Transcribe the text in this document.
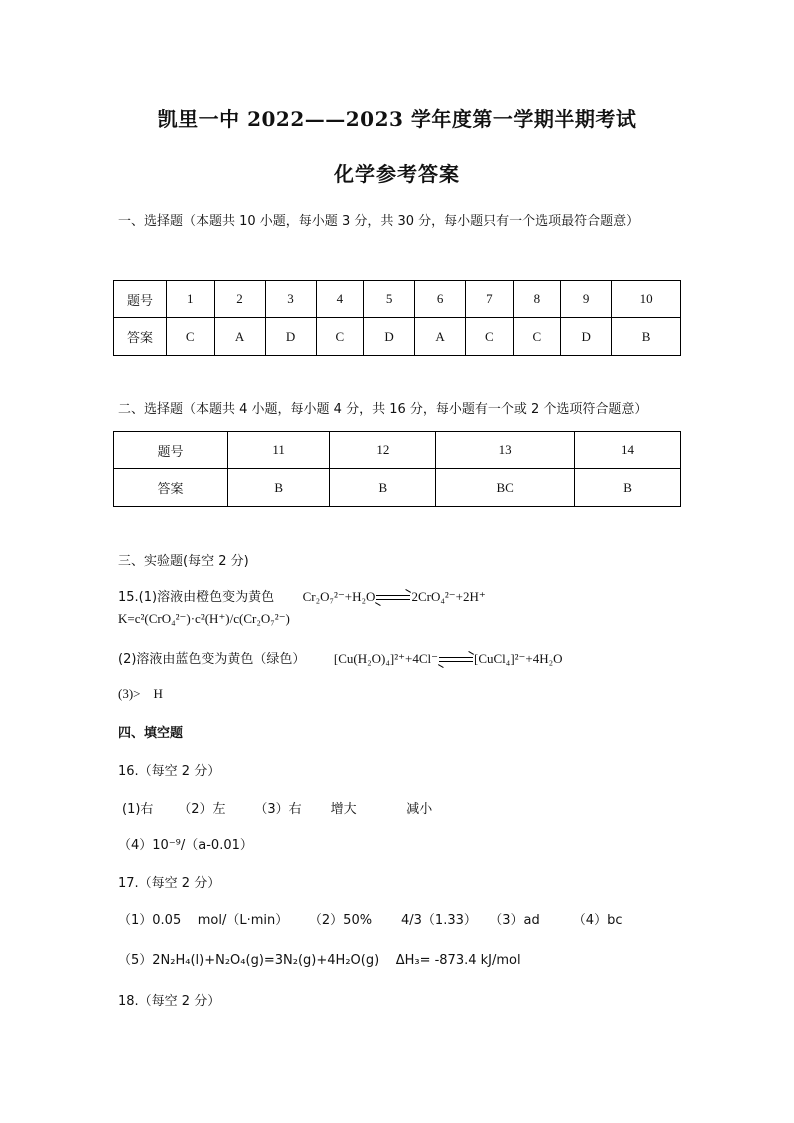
凯里一中 2022——2023 学年度第一学期半期考试
化学参考答案
一、选择题（本题共 10 小题，每小题 3 分，共 30 分，每小题只有一个选项最符合题意）
题号	1	2	3	4	5	6	7	8	9	10
答案	C	A	D	C	D	A	C	C	D	B
二、选择题（本题共 4 小题，每小题 4 分，共 16 分，每小题有一个或 2 个选项符合题意）
题号	11	12	13	14
答案	B	B	BC	B
三、实验题(每空 2 分)
15.(1)溶液由橙色变为黄色 Cr₂O₇²⁻+H₂O→2CrO₄²⁻+2H⁺
K=c²(CrO₄²⁻)·c²(H⁺)/c(Cr₂O₇²⁻)
(2)溶液由蓝色变为黄色（绿色） [Cu(H₂O)₄]²⁺+4Cl⁻→[CuCl₄]²⁻+4H₂O
(3)>    H
四、填空题
16.（每空 2 分）
(1)右      （2）左       （3）右       增大            减小
（4）10⁻⁹/（a-0.01）
17.（每空 2 分）
（1）0.05    mol/（L·min）     （2）50%       4/3（1.33）   （3）ad        （4）bc
（5）2N₂H₄(l)+N₂O₄(g)=3N₂(g)+4H₂O(g)    ΔH₃= -873.4 kJ/mol
18.（每空 2 分）
